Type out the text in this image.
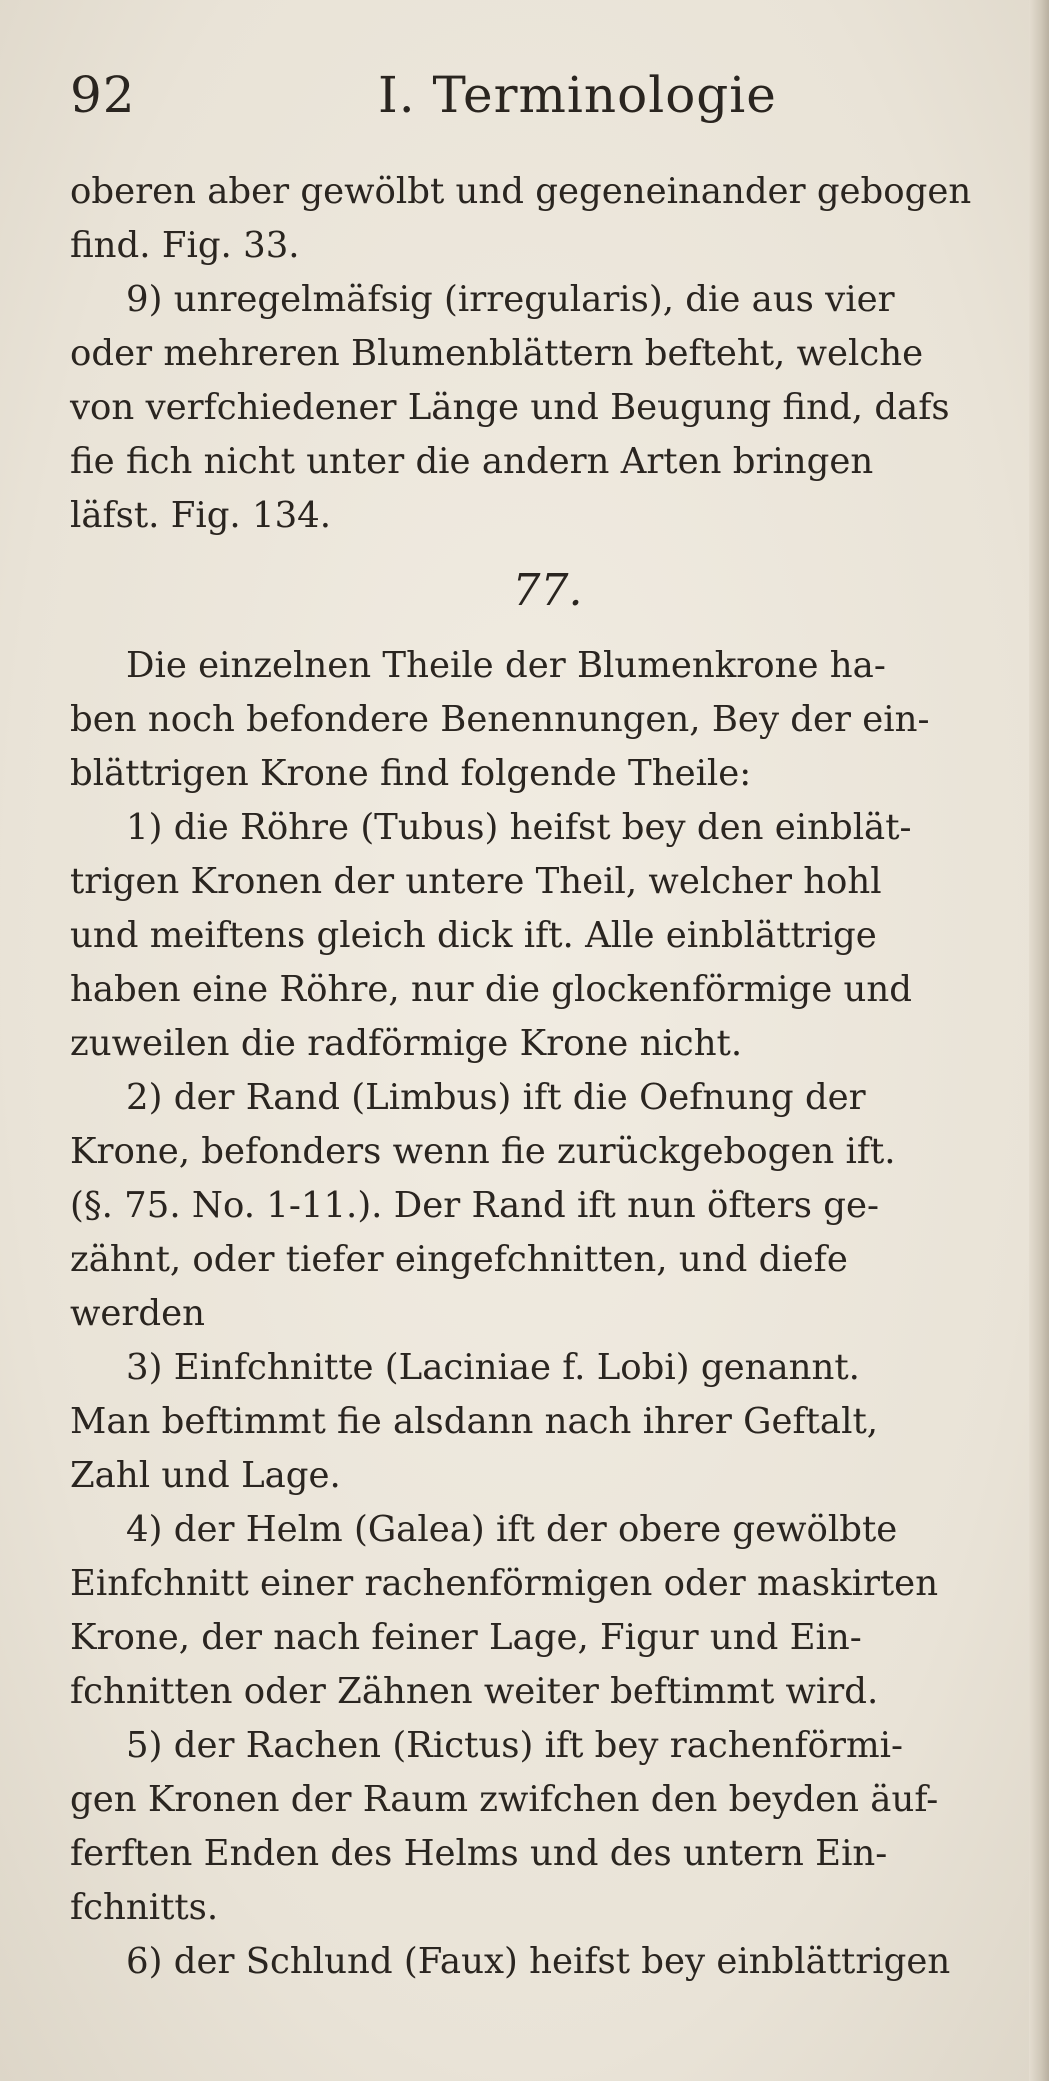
92	I. Terminologie
oberen aber gewölbt und gegeneinander gebogen
find. Fig. 33.
9) unregelmäfsig (irregularis), die aus vier
oder mehreren Blumenblättern befteht, welche
von verfchiedener Länge und Beugung find, dafs
fie fich nicht unter die andern Arten bringen
läfst. Fig. 134.
77.
Die einzelnen Theile der Blumenkrone ha-
ben noch befondere Benennungen, Bey der ein-
blättrigen Krone find folgende Theile:
1) die Röhre (Tubus) heifst bey den einblät-
trigen Kronen der untere Theil, welcher hohl
und meiftens gleich dick ift. Alle einblättrige
haben eine Röhre, nur die glockenförmige und
zuweilen die radförmige Krone nicht.
2) der Rand (Limbus) ift die Oefnung der
Krone, befonders wenn fie zurückgebogen ift.
(§. 75. No. 1-11.). Der Rand ift nun öfters ge-
zähnt, oder tiefer eingefchnitten, und diefe
werden
3) Einfchnitte (Laciniae f. Lobi) genannt.
Man beftimmt fie alsdann nach ihrer Geftalt,
Zahl und Lage.
4) der Helm (Galea) ift der obere gewölbte
Einfchnitt einer rachenförmigen oder maskirten
Krone, der nach feiner Lage, Figur und Ein-
fchnitten oder Zähnen weiter beftimmt wird.
5) der Rachen (Rictus) ift bey rachenförmi-
gen Kronen der Raum zwifchen den beyden äuf-
ferften Enden des Helms und des untern Ein-
fchnitts.
6) der Schlund (Faux) heifst bey einblättrigen
